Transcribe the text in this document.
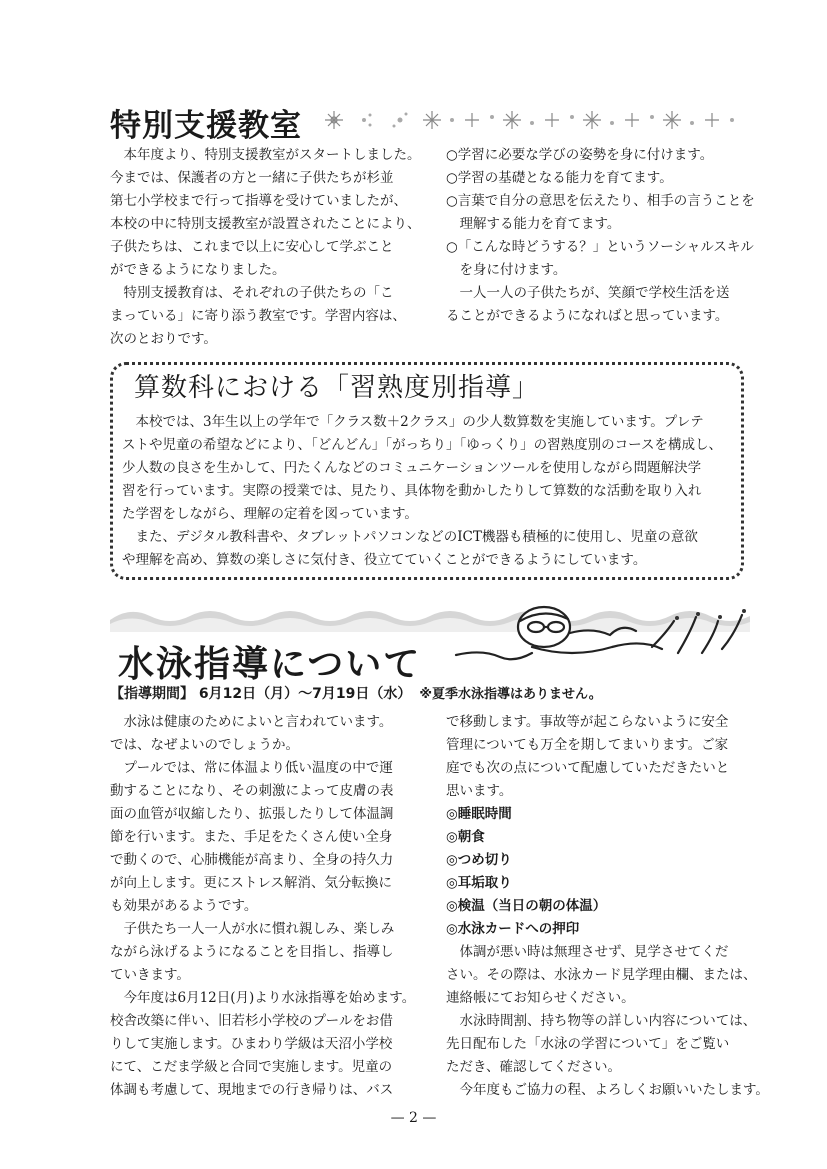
特別支援教室

本年度より、特別支援教室がスタートしました。

今までは、保護者の方と一緒に子供たちが杉並

第七小学校まで行って指導を受けていましたが、

本校の中に特別支援教室が設置されたことにより、

子供たちは、これまで以上に安心して学ぶこと

ができるようになりました。

特別支援教育は、それぞれの子供たちの「こ

まっている」に寄り添う教室です。学習内容は、

次のとおりです。

○学習に必要な学びの姿勢を身に付けます。

○学習の基礎となる能力を育てます。

○言葉で自分の意思を伝えたり、相手の言うことを理解する能力を育てます。

○「こんな時どうする？」というソーシャルスキルを身に付けます。

一人一人の子供たちが、笑顔で学校生活を送

ることができるようになればと思っています。

算数科における「習熟度別指導」

本校では、3年生以上の学年で「クラス数＋2クラス」の少人数算数を実施しています。プレテ

ストや児童の希望などにより、「どんどん」「がっちり」「ゆっくり」の習熟度別のコースを構成し、

少人数の良さを生かして、円たくんなどのコミュニケーションツールを使用しながら問題解決学

習を行っています。実際の授業では、見たり、具体物を動かしたりして算数的な活動を取り入れ

た学習をしながら、理解の定着を図っています。

また、デジタル教科書や、タブレットパソコンなどのICT機器も積極的に使用し、児童の意欲

や理解を高め、算数の楽しさに気付き、役立てていくことができるようにしています。

水泳指導について
【指導期間】 6月12日（月）〜7月19日（水） ※夏季水泳指導はありません。

水泳は健康のためによいと言われています。

では、なぜよいのでしょうか。

プールでは、常に体温より低い温度の中で運

動することになり、その刺激によって皮膚の表

面の血管が収縮したり、拡張したりして体温調

節を行います。また、手足をたくさん使い全身

で動くので、心肺機能が高まり、全身の持久力

が向上します。更にストレス解消、気分転換に

も効果があるようです。

子供たち一人一人が水に慣れ親しみ、楽しみ

ながら泳げるようになることを目指し、指導し

ていきます。

今年度は6月12日(月)より水泳指導を始めます。

校舎改築に伴い、旧若杉小学校のプールをお借

りして実施します。ひまわり学級は天沼小学校

にて、こだま学級と合同で実施します。児童の

体調も考慮して、現地までの行き帰りは、バス

で移動します。事故等が起こらないように安全

管理についても万全を期してまいります。ご家

庭でも次の点について配慮していただきたいと

思います。

◎睡眠時間

◎朝食

◎つめ切り

◎耳垢取り

◎検温（当日の朝の体温）

◎水泳カードへの押印

体調が悪い時は無理させず、見学させてくだ

さい。その際は、水泳カード見学理由欄、または、

連絡帳にてお知らせください。

水泳時間割、持ち物等の詳しい内容については、

先日配布した「水泳の学習について」をご覧い

ただき、確認してください。

今年度もご協力の程、よろしくお願いいたします。

— 2 —
